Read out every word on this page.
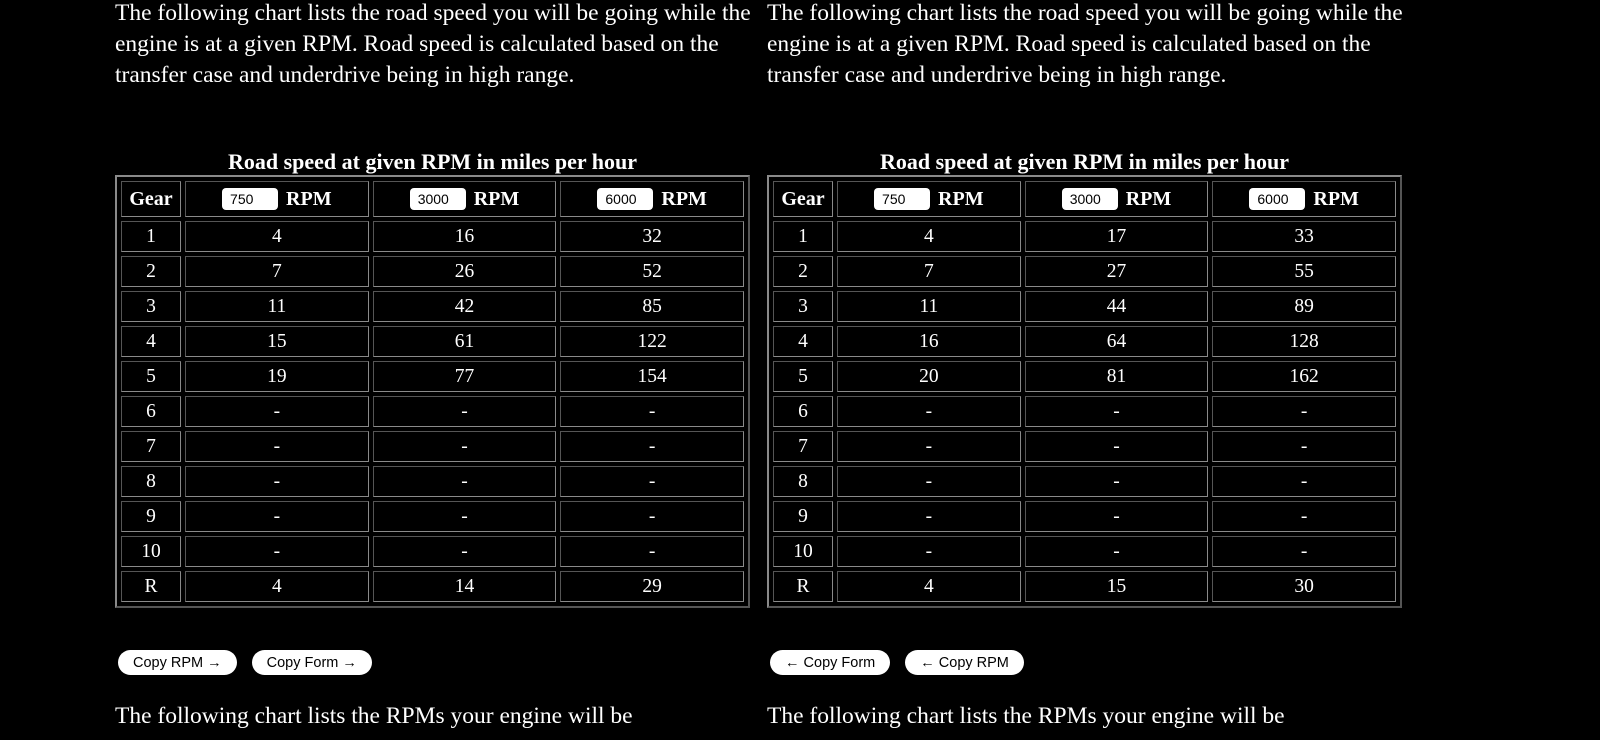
The following chart lists the road speed you will be going while the engine is at a given RPM. Road speed is calculated based on the transfer case and underdrive being in high range.

Road speed at given RPM in miles per hour
Gear	750RPM	3000RPM	6000RPM
1	4	16	32
2	7	26	52
3	11	42	85
4	15	61	122
5	19	77	154
6	-	-	-
7	-	-	-
8	-	-	-
9	-	-	-
10	-	-	-
R	4	14	29
Copy RPM →	Copy Form →

The following chart lists the RPMs your engine will be

The following chart lists the road speed you will be going while the engine is at a given RPM. Road speed is calculated based on the transfer case and underdrive being in high range.

Road speed at given RPM in miles per hour
Gear	750RPM	3000RPM	6000RPM
1	4	17	33
2	7	27	55
3	11	44	89
4	16	64	128
5	20	81	162
6	-	-	-
7	-	-	-
8	-	-	-
9	-	-	-
10	-	-	-
R	4	15	30
← Copy Form	← Copy RPM

The following chart lists the RPMs your engine will be
